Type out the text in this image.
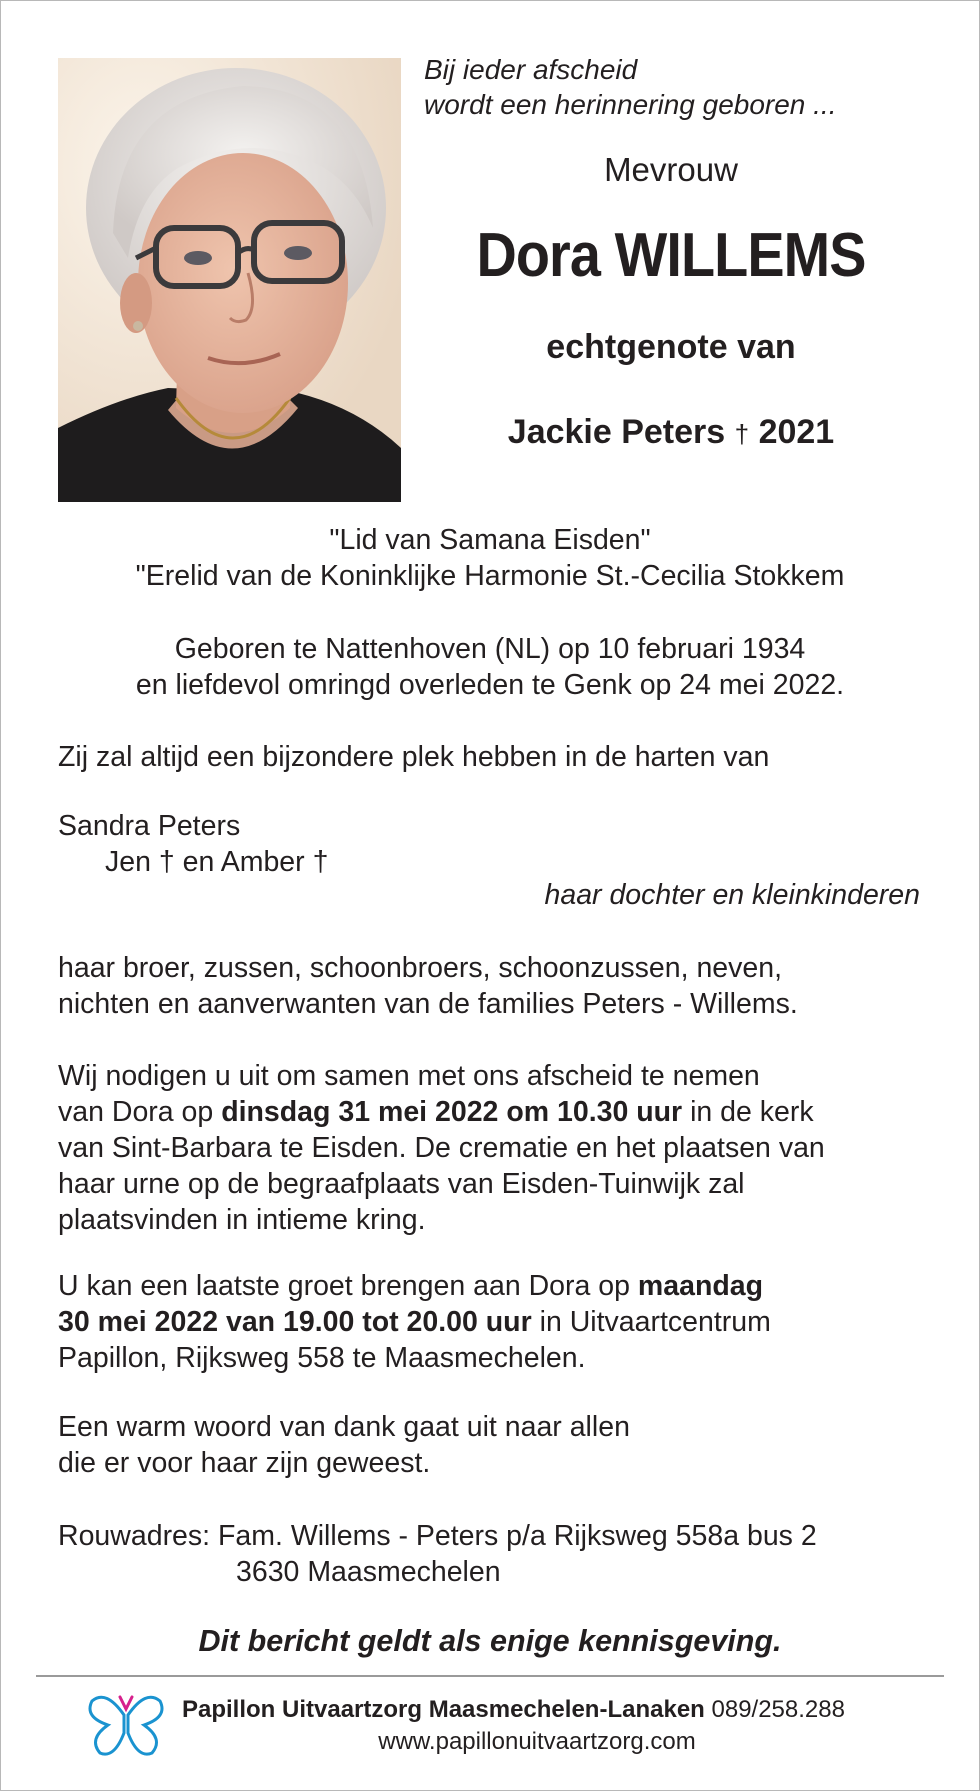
Bij ieder afscheid
wordt een herinnering geboren ...
Mevrouw
Dora WILLEMS
echtgenote van
Jackie Peters † 2021
"Lid van Samana Eisden"
"Erelid van de Koninklijke Harmonie St.-Cecilia Stokkem
Geboren te Nattenhoven (NL) op 10 februari 1934
en liefdevol omringd overleden te Genk op 24 mei 2022.
Zij zal altijd een bijzondere plek hebben in de harten van
Sandra Peters
Jen † en Amber †
haar dochter en kleinkinderen
haar broer, zussen, schoonbroers, schoonzussen, neven,
nichten en aanverwanten van de families Peters - Willems.
Wij nodigen u uit om samen met ons afscheid te nemen
van Dora op dinsdag 31 mei 2022 om 10.30 uur in de kerk
van Sint-Barbara te Eisden. De crematie en het plaatsen van
haar urne op de begraafplaats van Eisden-Tuinwijk zal
plaatsvinden in intieme kring.
U kan een laatste groet brengen aan Dora op maandag
30 mei 2022 van 19.00 tot 20.00 uur in Uitvaartcentrum
Papillon, Rijksweg 558 te Maasmechelen.
Een warm woord van dank gaat uit naar allen
die er voor haar zijn geweest.
Rouwadres: Fam. Willems - Peters p/a Rijksweg 558a bus 2
3630 Maasmechelen
Dit bericht geldt als enige kennisgeving.
Papillon Uitvaartzorg Maasmechelen-Lanaken 089/258.288
www.papillonuitvaartzorg.com
